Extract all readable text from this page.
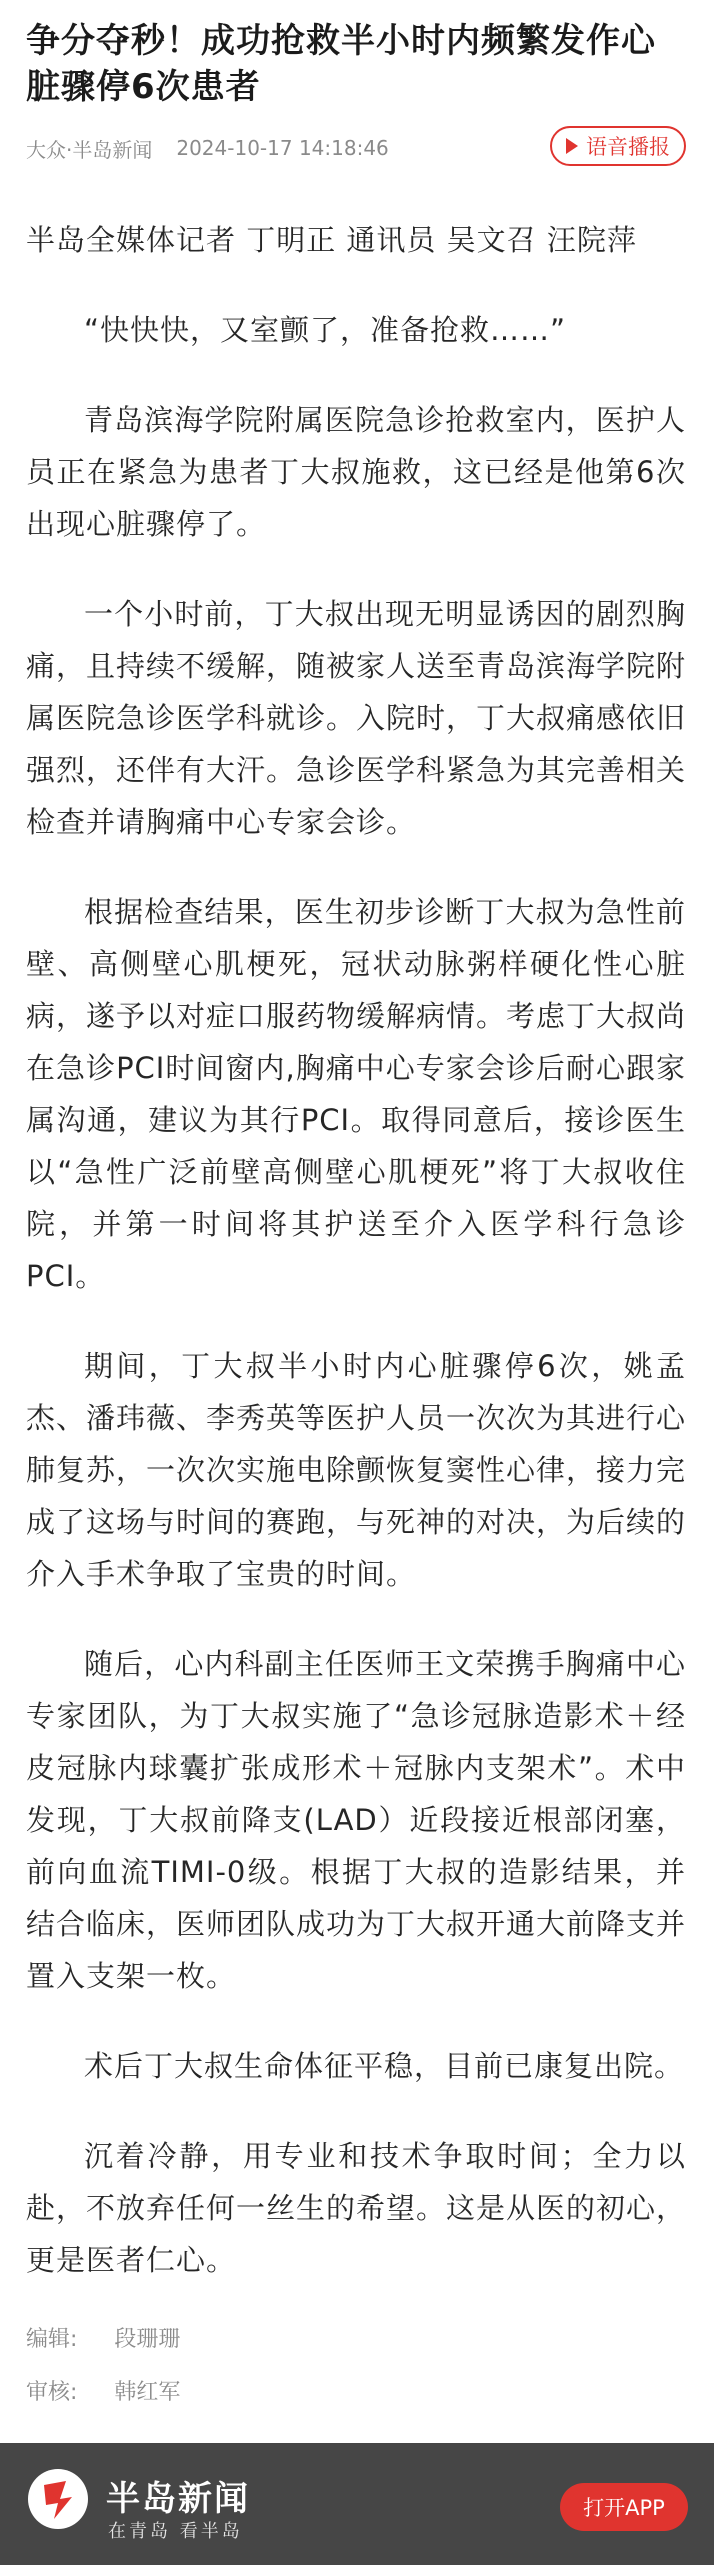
争分夺秒！成功抢救半小时内频繁发作心脏骤停6次患者
大众·半岛新闻 2024-10-17 14:18:46	语音播报

半岛全媒体记者 丁明正 通讯员 吴文召 汪院萍

“快快快，又室颤了，准备抢救……”

青岛滨海学院附属医院急诊抢救室内，医护人员正在紧急为患者丁大叔施救，这已经是他第6次出现心脏骤停了。

一个小时前，丁大叔出现无明显诱因的剧烈胸痛，且持续不缓解，随被家人送至青岛滨海学院附属医院急诊医学科就诊。入院时，丁大叔痛感依旧强烈，还伴有大汗。急诊医学科紧急为其完善相关检查并请胸痛中心专家会诊。

根据检查结果，医生初步诊断丁大叔为急性前壁、高侧壁心肌梗死，冠状动脉粥样硬化性心脏病，遂予以对症口服药物缓解病情。考虑丁大叔尚在急诊PCI时间窗内,胸痛中心专家会诊后耐心跟家属沟通，建议为其行PCI。取得同意后，接诊医生以“急性广泛前壁高侧壁心肌梗死”将丁大叔收住院，并第一时间将其护送至介入医学科行急诊PCI。

期间，丁大叔半小时内心脏骤停6次，姚孟杰、潘玮薇、李秀英等医护人员一次次为其进行心肺复苏，一次次实施电除颤恢复窦性心律，接力完成了这场与时间的赛跑，与死神的对决，为后续的介入手术争取了宝贵的时间。

随后，心内科副主任医师王文荣携手胸痛中心专家团队，为丁大叔实施了“急诊冠脉造影术＋经皮冠脉内球囊扩张成形术＋冠脉内支架术”。术中发现，丁大叔前降支(LAD）近段接近根部闭塞，前向血流TIMI-0级。根据丁大叔的造影结果，并结合临床，医师团队成功为丁大叔开通大前降支并置入支架一枚。

术后丁大叔生命体征平稳，目前已康复出院。

沉着冷静，用专业和技术争取时间；全力以赴，不放弃任何一丝生的希望。这是从医的初心，更是医者仁心。

编辑: 段珊珊
审核: 韩红军
半岛新闻
在青岛 看半岛
打开APP
